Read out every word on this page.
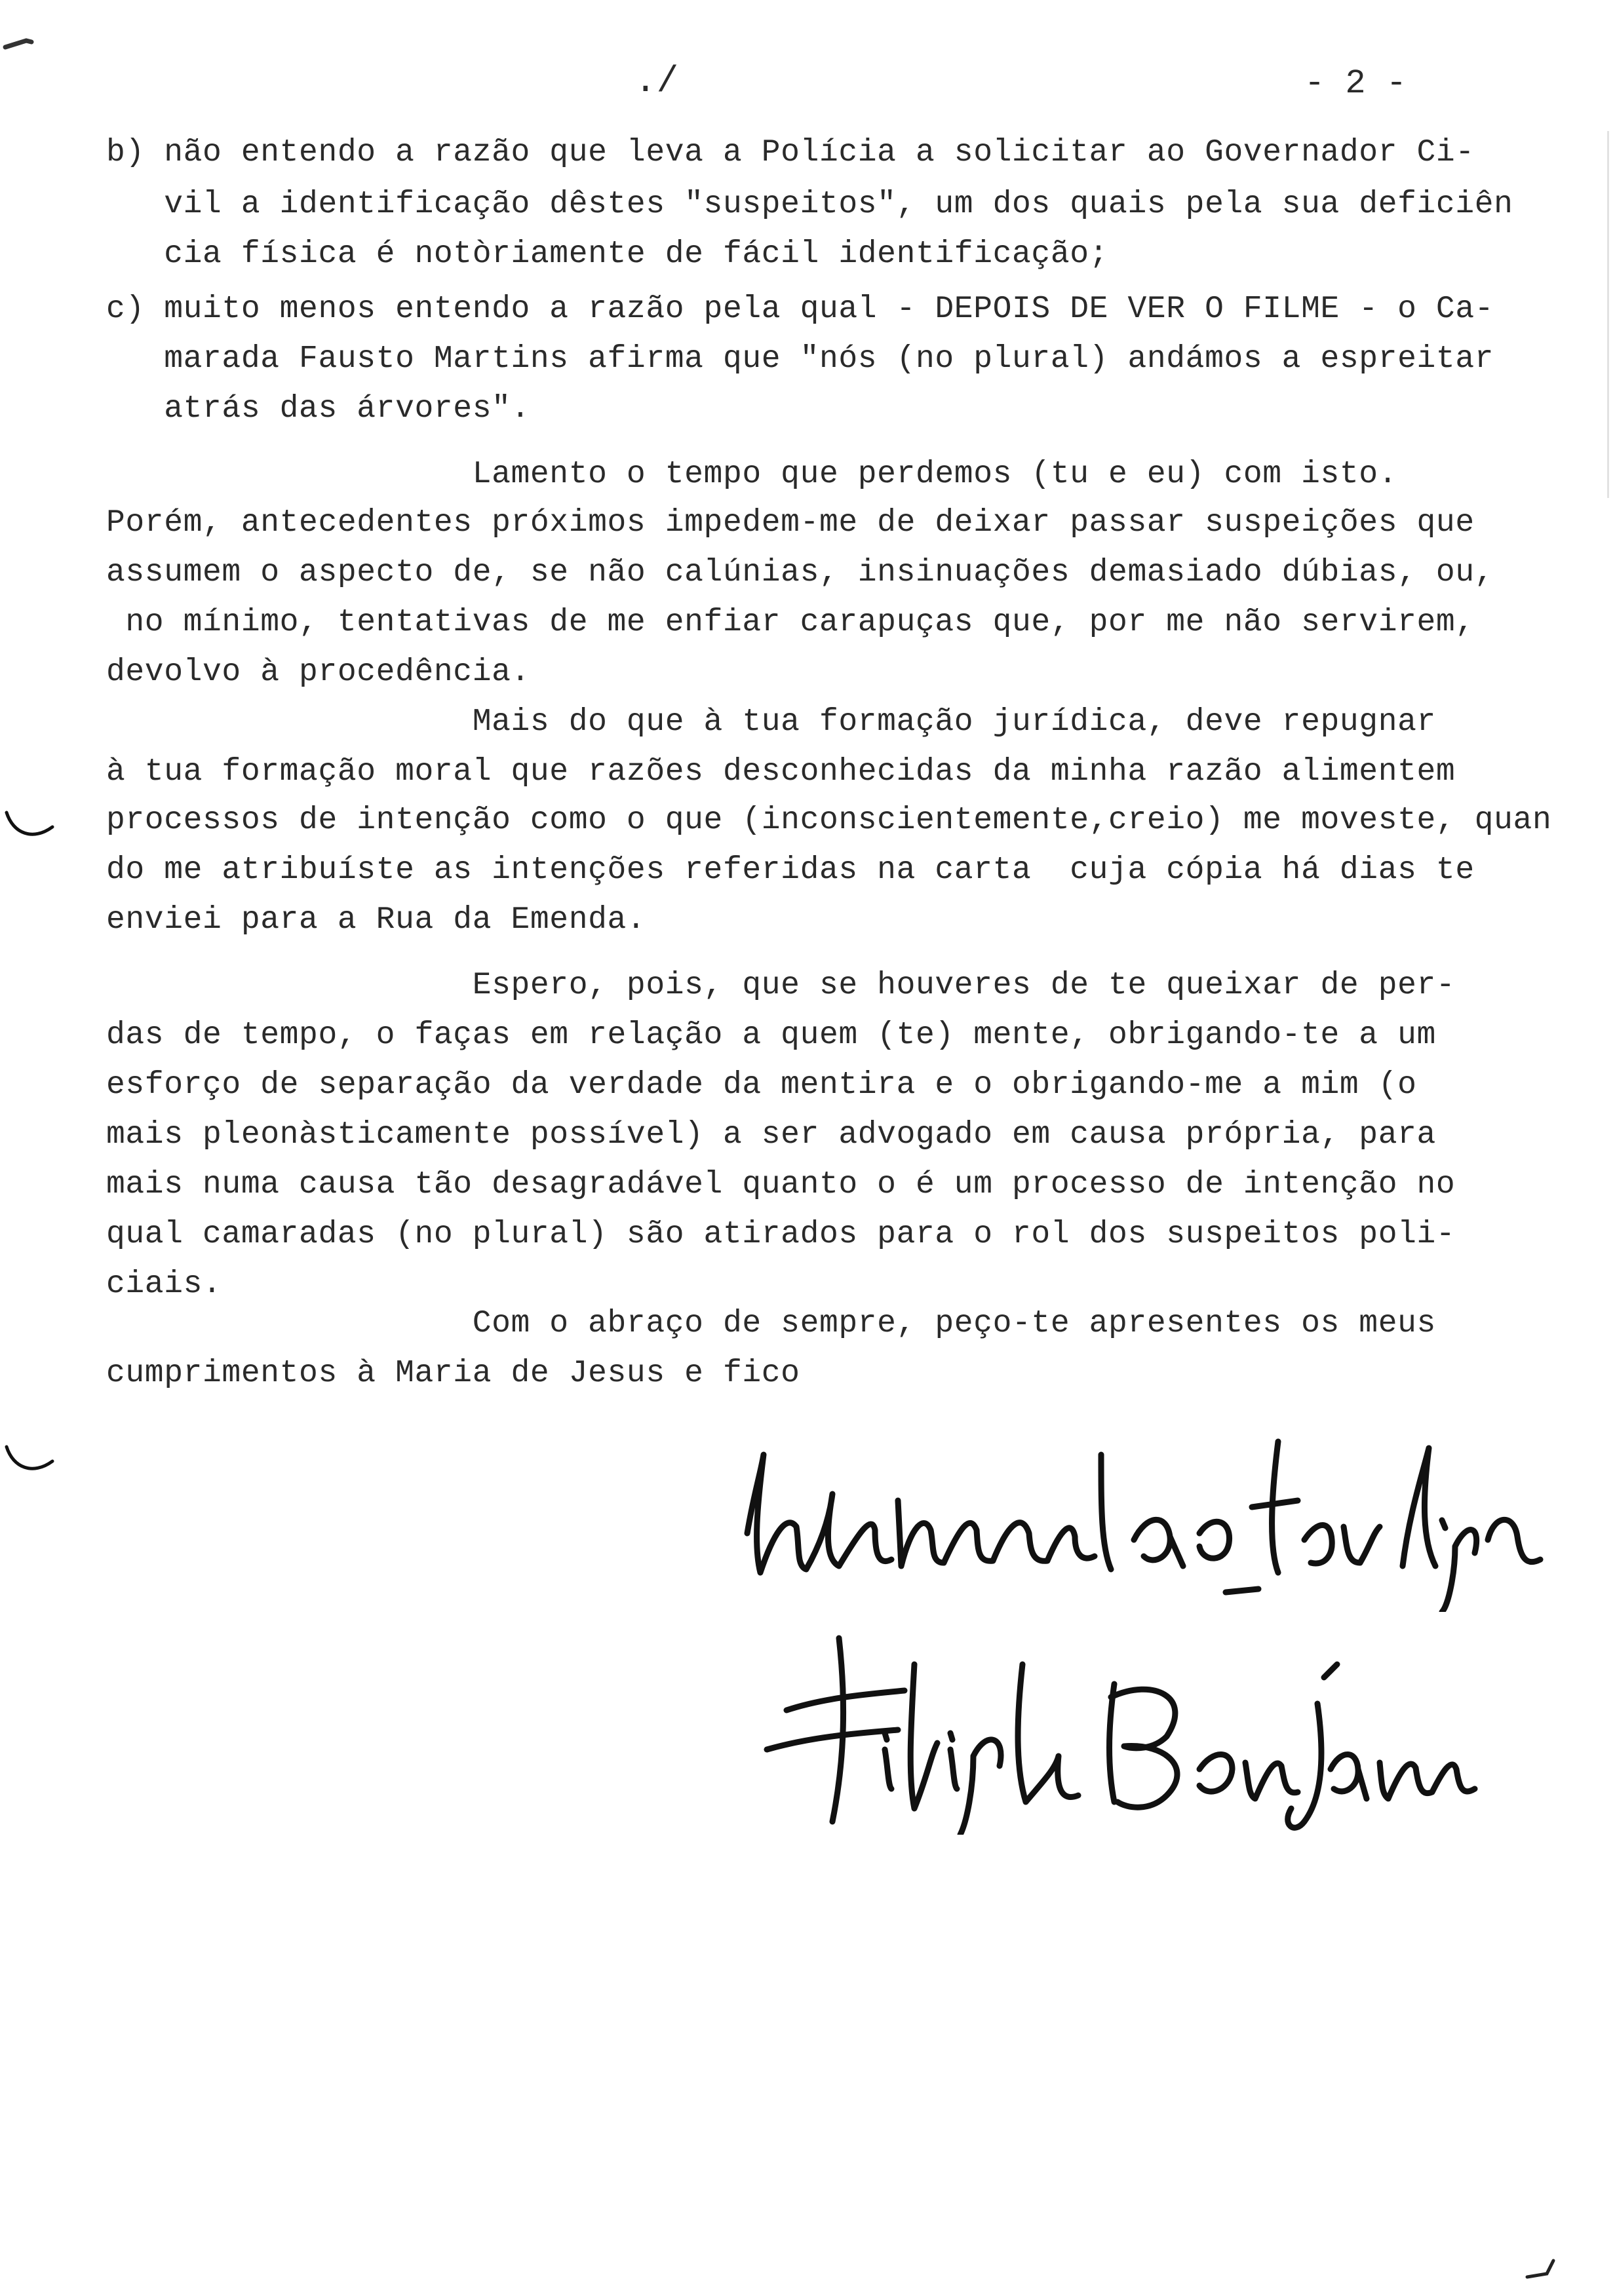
./	- 2 -
b) não entendo a razão que leva a Polícia a solicitar ao Governador Ci-
vil a identificação dêstes "suspeitos", um dos quais pela sua deficiên
cia física é notòriamente de fácil identificação;
c) muito menos entendo a razão pela qual - DEPOIS DE VER O FILME - o Ca-
marada Fausto Martins afirma que "nós (no plural) andámos a espreitar
atrás das árvores".
Lamento o tempo que perdemos (tu e eu) com isto.
Porém, antecedentes próximos impedem-me de deixar passar suspeições que
assumem o aspecto de, se não calúnias, insinuações demasiado dúbias, ou,
no mínimo, tentativas de me enfiar carapuças que, por me não servirem,
devolvo à procedência.
Mais do que à tua formação jurídica, deve repugnar
à tua formação moral que razões desconhecidas da minha razão alimentem
processos de intenção como o que (inconscientemente,creio) me moveste, quan
do me atribuíste as intenções referidas na carta  cuja cópia há dias te
enviei para a Rua da Emenda.
Espero, pois, que se houveres de te queixar de per-
das de tempo, o faças em relação a quem (te) mente, obrigando-te a um
esforço de separação da verdade da mentira e o obrigando-me a mim (o
mais pleonàsticamente possível) a ser advogado em causa própria, para
mais numa causa tão desagradável quanto o é um processo de intenção no
qual camaradas (no plural) são atirados para o rol dos suspeitos poli-
ciais.
Com o abraço de sempre, peço-te apresentes os meus
cumprimentos à Maria de Jesus e fico
